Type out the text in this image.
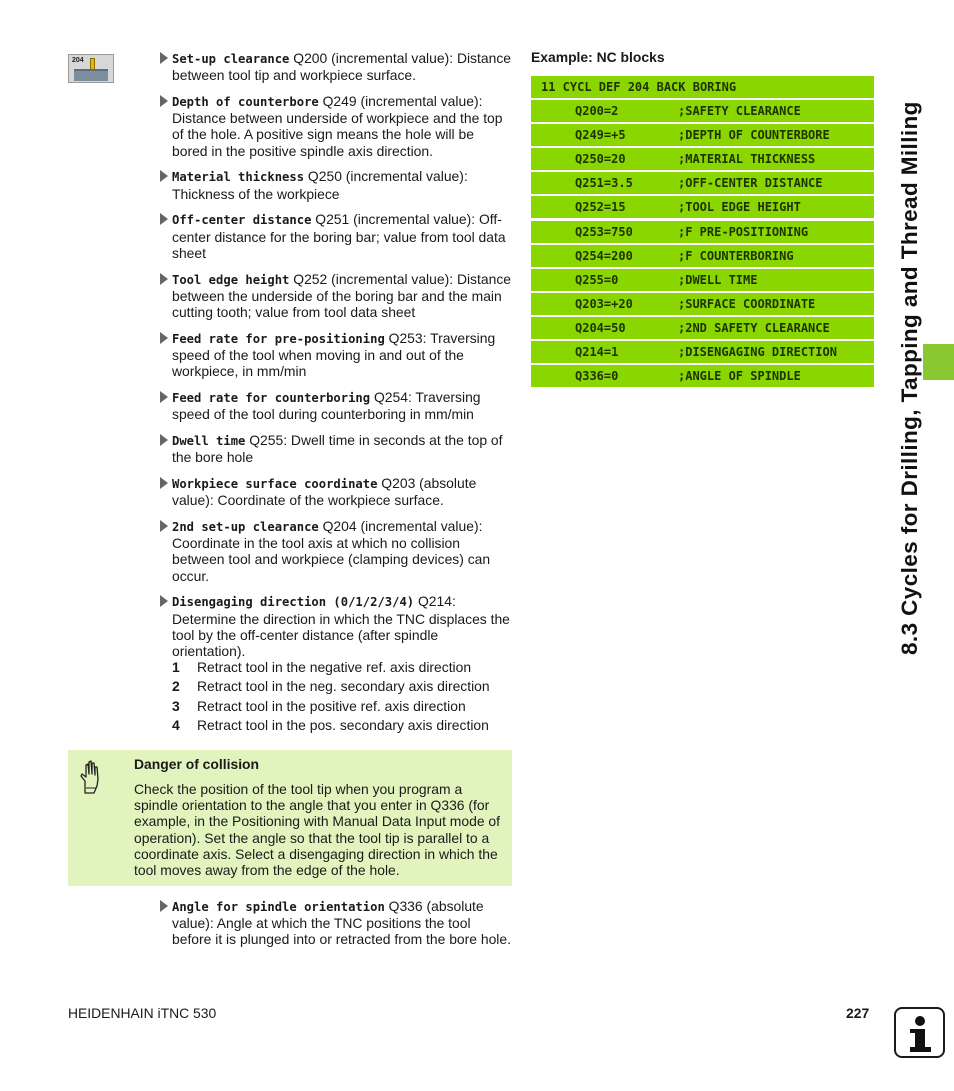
204	Set-up clearance Q200 (incremental value): Distance between tool tip and workpiece surface.
Depth of counterbore Q249 (incremental value): Distance between underside of workpiece and the top of the hole. A positive sign means the hole will be bored in the positive spindle axis direction.
Material thickness Q250 (incremental value): Thickness of the workpiece
Off-center distance Q251 (incremental value): Off-center distance for the boring bar; value from tool data sheet
Tool edge height Q252 (incremental value): Distance between the underside of the boring bar and the main cutting tooth; value from tool data sheet
Feed rate for pre-positioning Q253: Traversing speed of the tool when moving in and out of the workpiece, in mm/min
Feed rate for counterboring Q254: Traversing speed of the tool during counterboring in mm/min
Dwell time Q255: Dwell time in seconds at the top of the bore hole
Workpiece surface coordinate Q203 (absolute value): Coordinate of the workpiece surface.
2nd set-up clearance Q204 (incremental value): Coordinate in the tool axis at which no collision between tool and workpiece (clamping devices) can occur.
Disengaging direction (0/1/2/3/4) Q214: Determine the direction in which the TNC displaces the tool by the off-center distance (after spindle orientation).
1 Retract tool in the negative ref. axis direction
2 Retract tool in the neg. secondary axis direction
3 Retract tool in the positive ref. axis direction
4 Retract tool in the pos. secondary axis direction
Danger of collision
Check the position of the tool tip when you program a spindle orientation to the angle that you enter in Q336 (for example, in the Positioning with Manual Data Input mode of operation). Set the angle so that the tool tip is parallel to a coordinate axis. Select a disengaging direction in which the tool moves away from the edge of the hole.
Angle for spindle orientation Q336 (absolute value): Angle at which the TNC positions the tool before it is plunged into or retracted from the bore hole.
Example: NC blocks
11 CYCL DEF 204 BACK BORING
Q200=2	;SAFETY CLEARANCE
Q249=+5	;DEPTH OF COUNTERBORE
Q250=20	;MATERIAL THICKNESS
Q251=3.5	;OFF-CENTER DISTANCE
Q252=15	;TOOL EDGE HEIGHT
Q253=750	;F PRE-POSITIONING
Q254=200	;F COUNTERBORING
Q255=0	;DWELL TIME
Q203=+20	;SURFACE COORDINATE
Q204=50	;2ND SAFETY CLEARANCE
Q214=1	;DISENGAGING DIRECTION
Q336=0	;ANGLE OF SPINDLE	8.3 Cycles for Drilling, Tapping and Thread Milling
HEIDENHAIN iTNC 530	227
